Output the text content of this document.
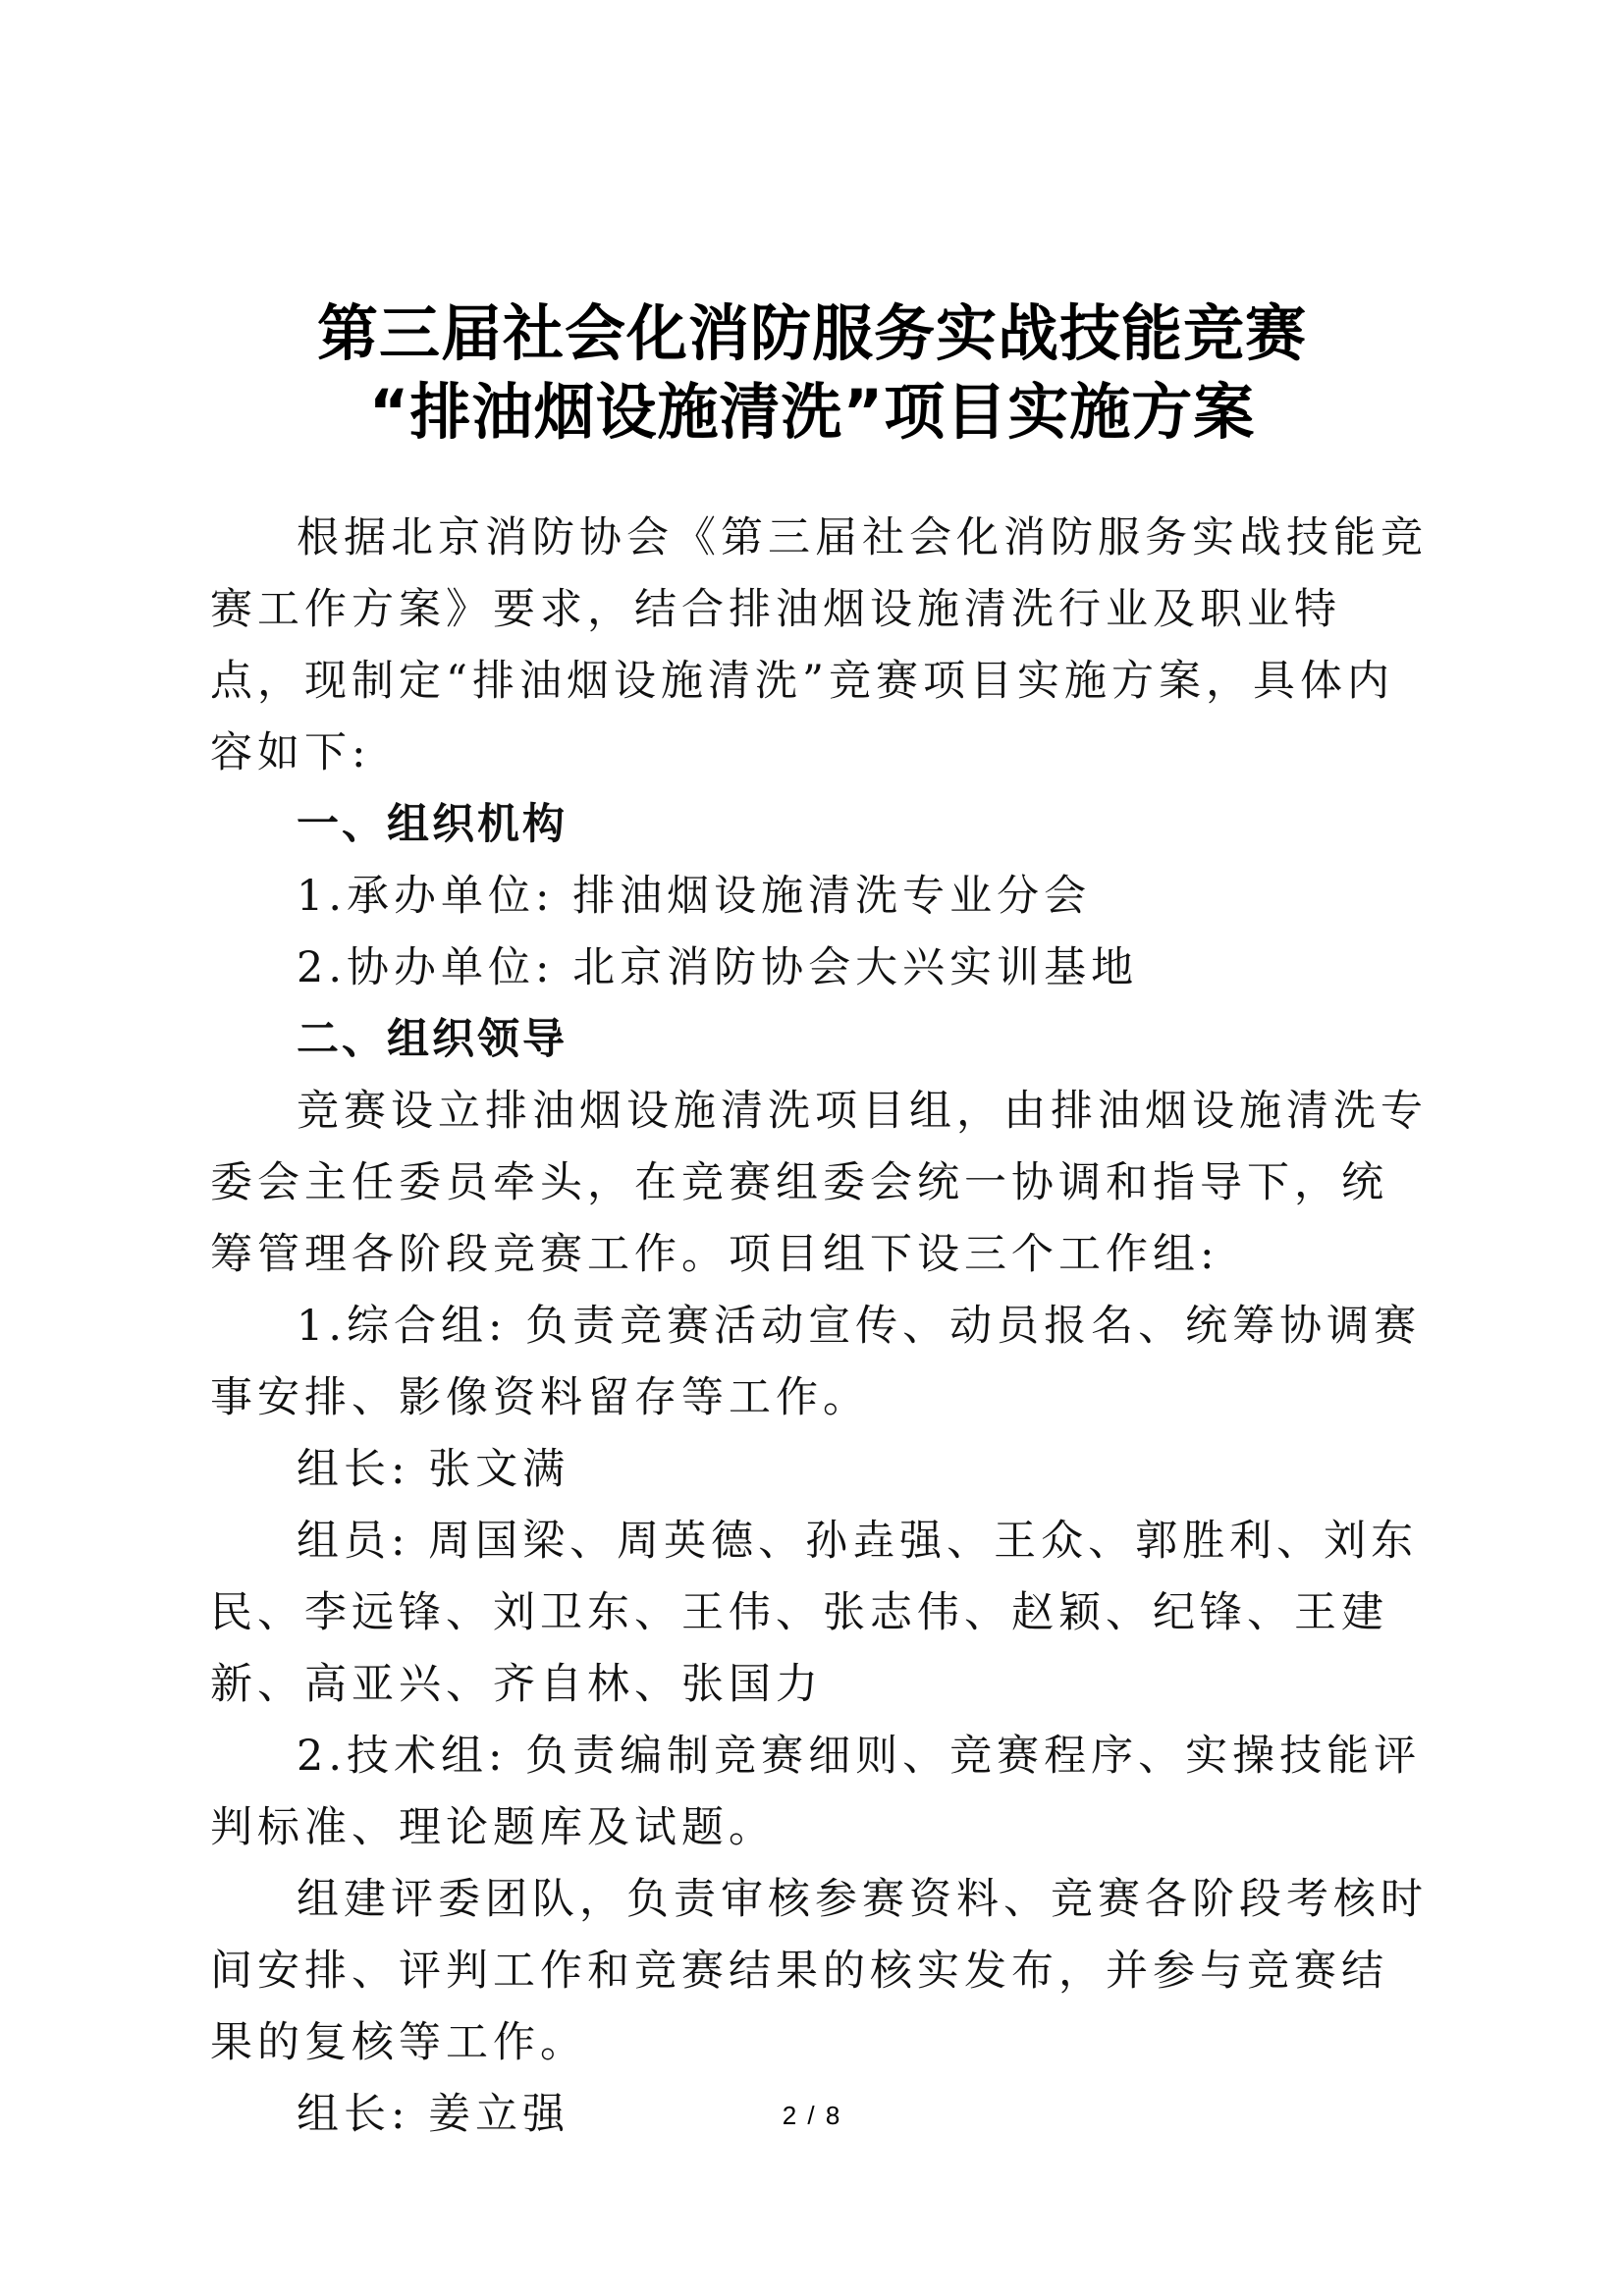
第三届社会化消防服务实战技能竞赛
“排油烟设施清洗”项目实施方案

根据北京消防协会《第三届社会化消防服务实战技能竞赛工作方案》要求，结合排油烟设施清洗行业及职业特点，现制定“排油烟设施清洗”竞赛项目实施方案，具体内容如下:

一、组织机构

1.承办单位: 排油烟设施清洗专业分会

2.协办单位: 北京消防协会大兴实训基地

二、组织领导

竞赛设立排油烟设施清洗项目组，由排油烟设施清洗专委会主任委员牵头，在竞赛组委会统一协调和指导下，统筹管理各阶段竞赛工作。项目组下设三个工作组:

1.综合组: 负责竞赛活动宣传、动员报名、统筹协调赛事安排、影像资料留存等工作。

组长: 张文满

组员: 周国梁、周英德、孙垚强、王众、郭胜利、刘东民、李远锋、刘卫东、王伟、张志伟、赵颖、纪锋、王建新、高亚兴、齐自林、张国力

2.技术组: 负责编制竞赛细则、竞赛程序、实操技能评判标准、理论题库及试题。

组建评委团队，负责审核参赛资料、竞赛各阶段考核时间安排、评判工作和竞赛结果的核实发布，并参与竞赛结果的复核等工作。

组长: 姜立强	2 / 8
